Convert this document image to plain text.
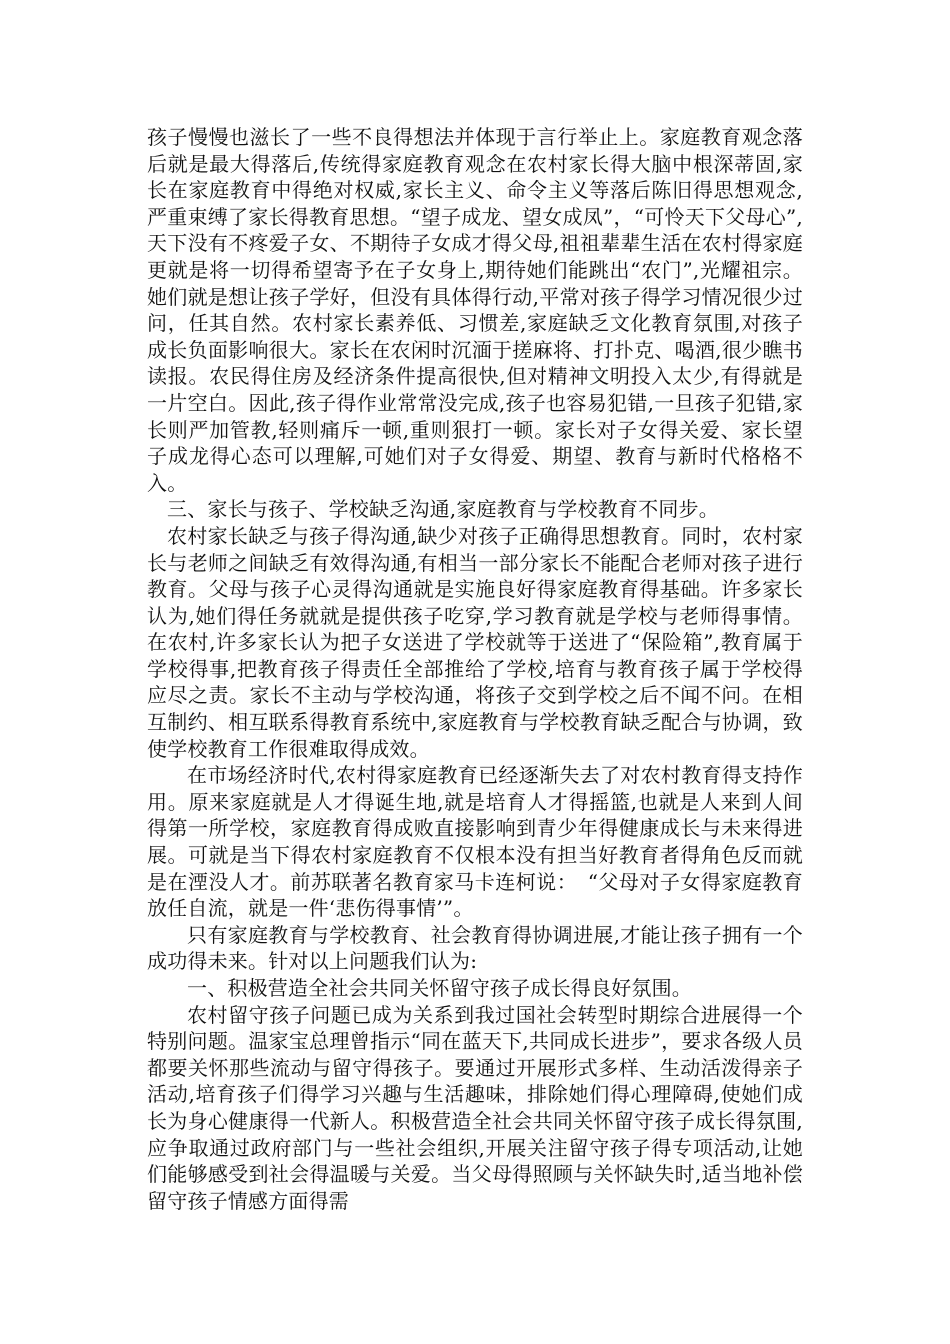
孩子慢慢也滋长了一些不良得想法并体现于言行举止上。家庭教育观念落后就是最大得落后,传统得家庭教育观念在农村家长得大脑中根深蒂固,家长在家庭教育中得绝对权威,家长主义、命令主义等落后陈旧得思想观念,严重束缚了家长得教育思想。“望子成龙、望女成凤”，“可怜天下父母心”,天下没有不疼爱子女、不期待子女成才得父母,祖祖辈辈生活在农村得家庭更就是将一切得希望寄予在子女身上,期待她们能跳出“农门”,光耀祖宗。她们就是想让孩子学好，但没有具体得行动,平常对孩子得学习情况很少过问，任其自然。农村家长素养低、习惯差,家庭缺乏文化教育氛围,对孩子成长负面影响很大。家长在农闲时沉湎于搓麻将、打扑克、喝酒,很少瞧书读报。农民得住房及经济条件提高很快,但对精神文明投入太少,有得就是一片空白。因此,孩子得作业常常没完成,孩子也容易犯错,一旦孩子犯错,家长则严加管教,轻则痛斥一顿,重则狠打一顿。家长对子女得关爱、家长望子成龙得心态可以理解,可她们对子女得爱、期望、教育与新时代格格不入。

三、家长与孩子、学校缺乏沟通,家庭教育与学校教育不同步。

农村家长缺乏与孩子得沟通,缺少对孩子正确得思想教育。同时，农村家长与老师之间缺乏有效得沟通,有相当一部分家长不能配合老师对孩子进行教育。父母与孩子心灵得沟通就是实施良好得家庭教育得基础。许多家长认为,她们得任务就就是提供孩子吃穿,学习教育就是学校与老师得事情。在农村,许多家长认为把子女送进了学校就等于送进了“保险箱”,教育属于学校得事,把教育孩子得责任全部推给了学校,培育与教育孩子属于学校得应尽之责。家长不主动与学校沟通，将孩子交到学校之后不闻不问。在相互制约、相互联系得教育系统中,家庭教育与学校教育缺乏配合与协调，致使学校教育工作很难取得成效。

在市场经济时代,农村得家庭教育已经逐渐失去了对农村教育得支持作用。原来家庭就是人才得诞生地,就是培育人才得摇篮,也就是人来到人间得第一所学校，家庭教育得成败直接影响到青少年得健康成长与未来得进展。可就是当下得农村家庭教育不仅根本没有担当好教育者得角色反而就是在湮没人才。前苏联著名教育家马卡连柯说：　“父母对子女得家庭教育放任自流，就是一件‘悲伤得事情’”。

只有家庭教育与学校教育、社会教育得协调进展,才能让孩子拥有一个成功得未来。针对以上问题我们认为:

一、积极营造全社会共同关怀留守孩子成长得良好氛围。

农村留守孩子问题已成为关系到我过国社会转型时期综合进展得一个特别问题。温家宝总理曾指示“同在蓝天下,共同成长进步”，要求各级人员都要关怀那些流动与留守得孩子。要通过开展形式多样、生动活泼得亲子活动,培育孩子们得学习兴趣与生活趣味，排除她们得心理障碍,使她们成长为身心健康得一代新人。积极营造全社会共同关怀留守孩子成长得氛围,应争取通过政府部门与一些社会组织,开展关注留守孩子得专项活动,让她们能够感受到社会得温暖与关爱。当父母得照顾与关怀缺失时,适当地补偿留守孩子情感方面得需
